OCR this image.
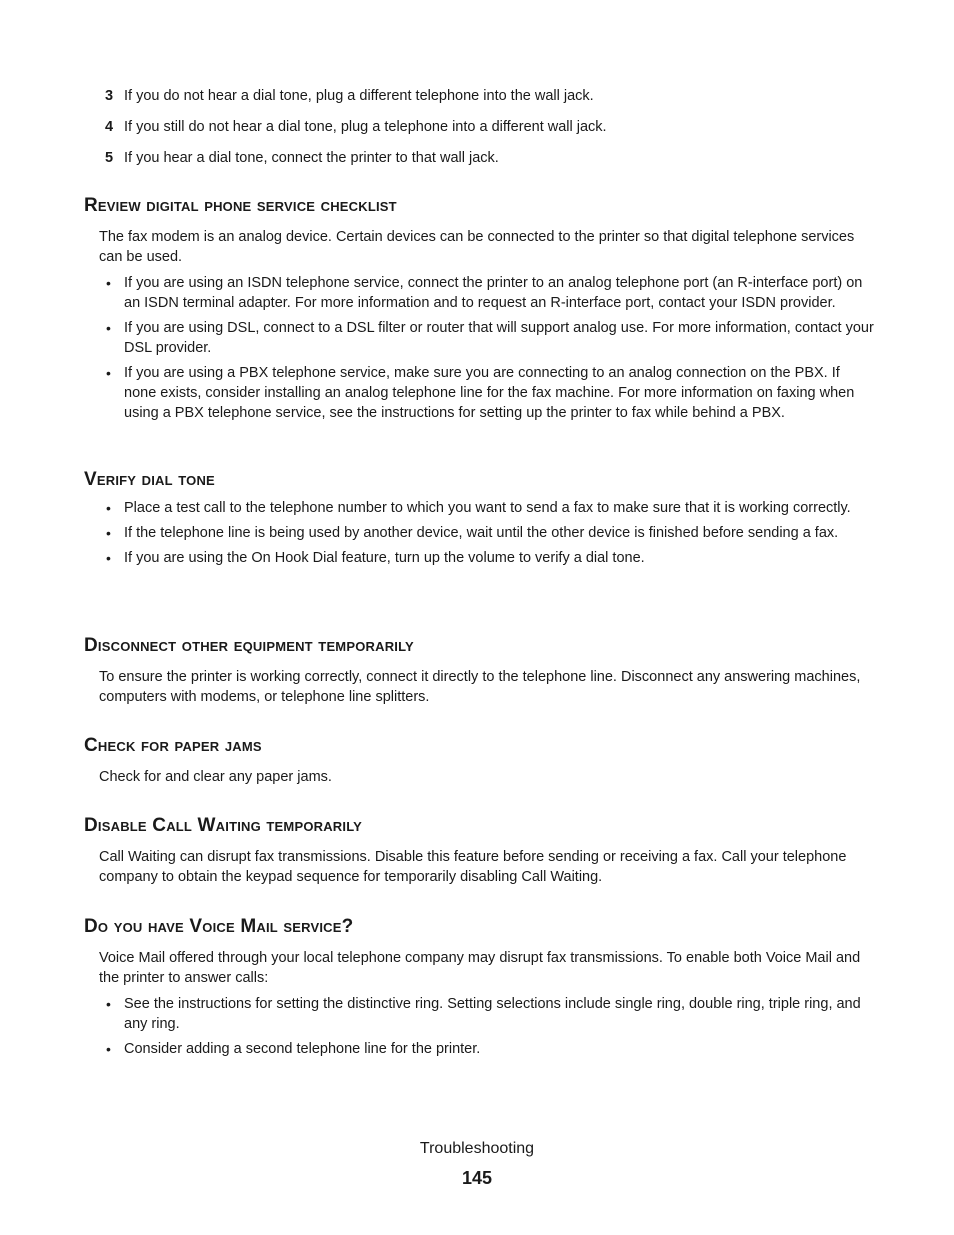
3 If you do not hear a dial tone, plug a different telephone into the wall jack.
4 If you still do not hear a dial tone, plug a telephone into a different wall jack.
5 If you hear a dial tone, connect the printer to that wall jack.
Review digital phone service checklist

The fax modem is an analog device. Certain devices can be connected to the printer so that digital telephone services can be used.

• If you are using an ISDN telephone service, connect the printer to an analog telephone port (an R-interface port) on an ISDN terminal adapter. For more information and to request an R-interface port, contact your ISDN provider.
• If you are using DSL, connect to a DSL filter or router that will support analog use. For more information, contact your DSL provider.
• If you are using a PBX telephone service, make sure you are connecting to an analog connection on the PBX. If none exists, consider installing an analog telephone line for the fax machine. For more information on faxing when using a PBX telephone service, see the instructions for setting up the printer to fax while behind a PBX.
Verify dial tone
• Place a test call to the telephone number to which you want to send a fax to make sure that it is working correctly.
• If the telephone line is being used by another device, wait until the other device is finished before sending a fax.
• If you are using the On Hook Dial feature, turn up the volume to verify a dial tone.
Disconnect other equipment temporarily

To ensure the printer is working correctly, connect it directly to the telephone line. Disconnect any answering machines, computers with modems, or telephone line splitters.

Check for paper jams

Check for and clear any paper jams.

Disable Call Waiting temporarily

Call Waiting can disrupt fax transmissions. Disable this feature before sending or receiving a fax. Call your telephone company to obtain the keypad sequence for temporarily disabling Call Waiting.

Do you have Voice Mail service?

Voice Mail offered through your local telephone company may disrupt fax transmissions. To enable both Voice Mail and the printer to answer calls:

• See the instructions for setting the distinctive ring. Setting selections include single ring, double ring, triple ring, and any ring.
• Consider adding a second telephone line for the printer.
Troubleshooting
145
